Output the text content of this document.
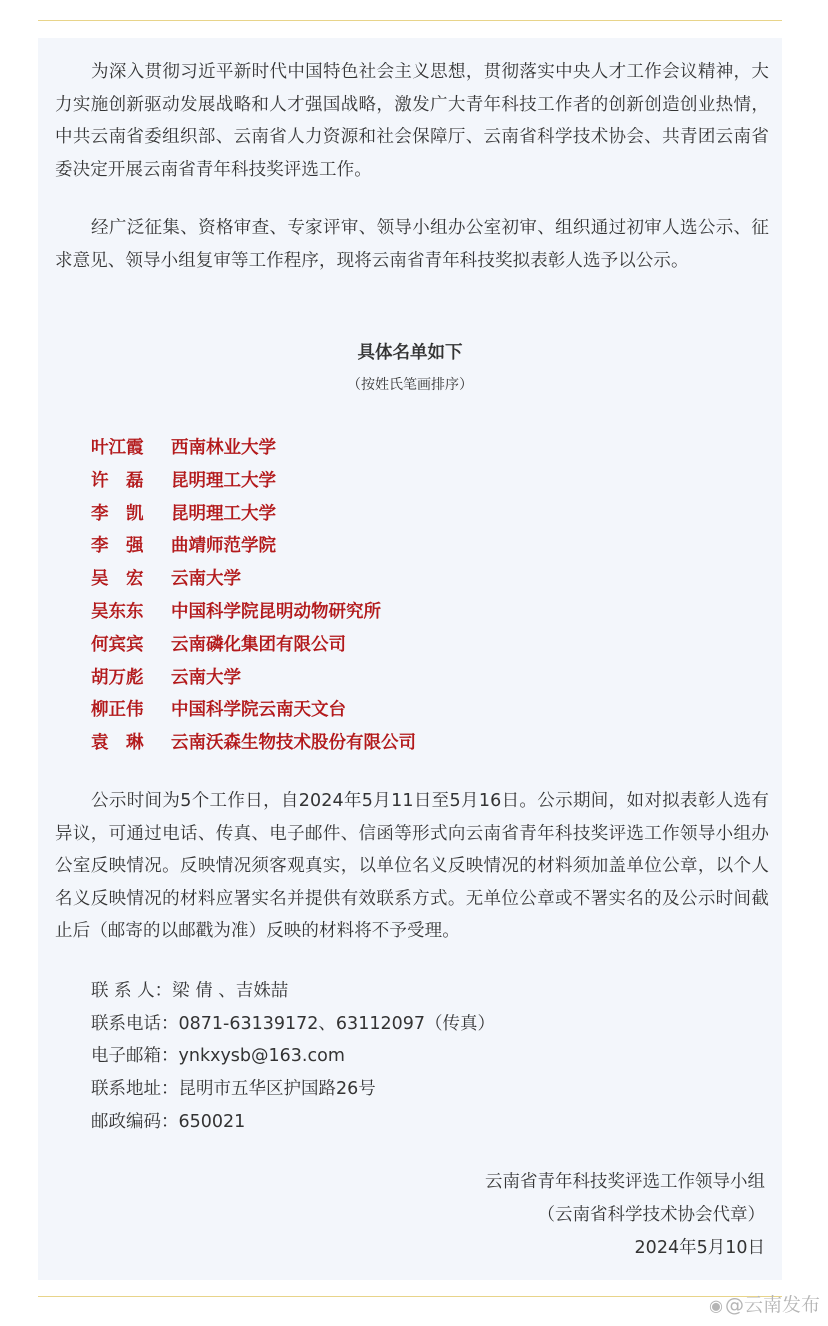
为深入贯彻习近平新时代中国特色社会主义思想，贯彻落实中央人才工作会议精神，大力实施创新驱动发展战略和人才强国战略，激发广大青年科技工作者的创新创造创业热情，中共云南省委组织部、云南省人力资源和社会保障厅、云南省科学技术协会、共青团云南省委决定开展云南省青年科技奖评选工作。

经广泛征集、资格审查、专家评审、领导小组办公室初审、组织通过初审人选公示、征求意见、领导小组复审等工作程序，现将云南省青年科技奖拟表彰人选予以公示。

具体名单如下
（按姓氏笔画排序）
叶江霞 西南林业大学
许　磊 昆明理工大学
李　凯 昆明理工大学
李　强 曲靖师范学院
吴　宏 云南大学
吴东东 中国科学院昆明动物研究所
何宾宾 云南磷化集团有限公司
胡万彪 云南大学
柳正伟 中国科学院云南天文台
袁　琳 云南沃森生物技术股份有限公司

公示时间为5个工作日，自2024年5月11日至5月16日。公示期间，如对拟表彰人选有异议，可通过电话、传真、电子邮件、信函等形式向云南省青年科技奖评选工作领导小组办公室反映情况。反映情况须客观真实，以单位名义反映情况的材料须加盖单位公章，以个人名义反映情况的材料应署实名并提供有效联系方式。无单位公章或不署实名的及公示时间截止后（邮寄的以邮戳为准）反映的材料将不予受理。

联 系 人：梁 倩 、吉姝喆
联系电话：0871-63139172、63112097（传真）
电子邮箱：ynkxysb@163.com
联系地址：昆明市五华区护国路26号
邮政编码：650021
云南省青年科技奖评选工作领导小组
（云南省科学技术协会代章）
2024年5月10日
◉ @云南发布
